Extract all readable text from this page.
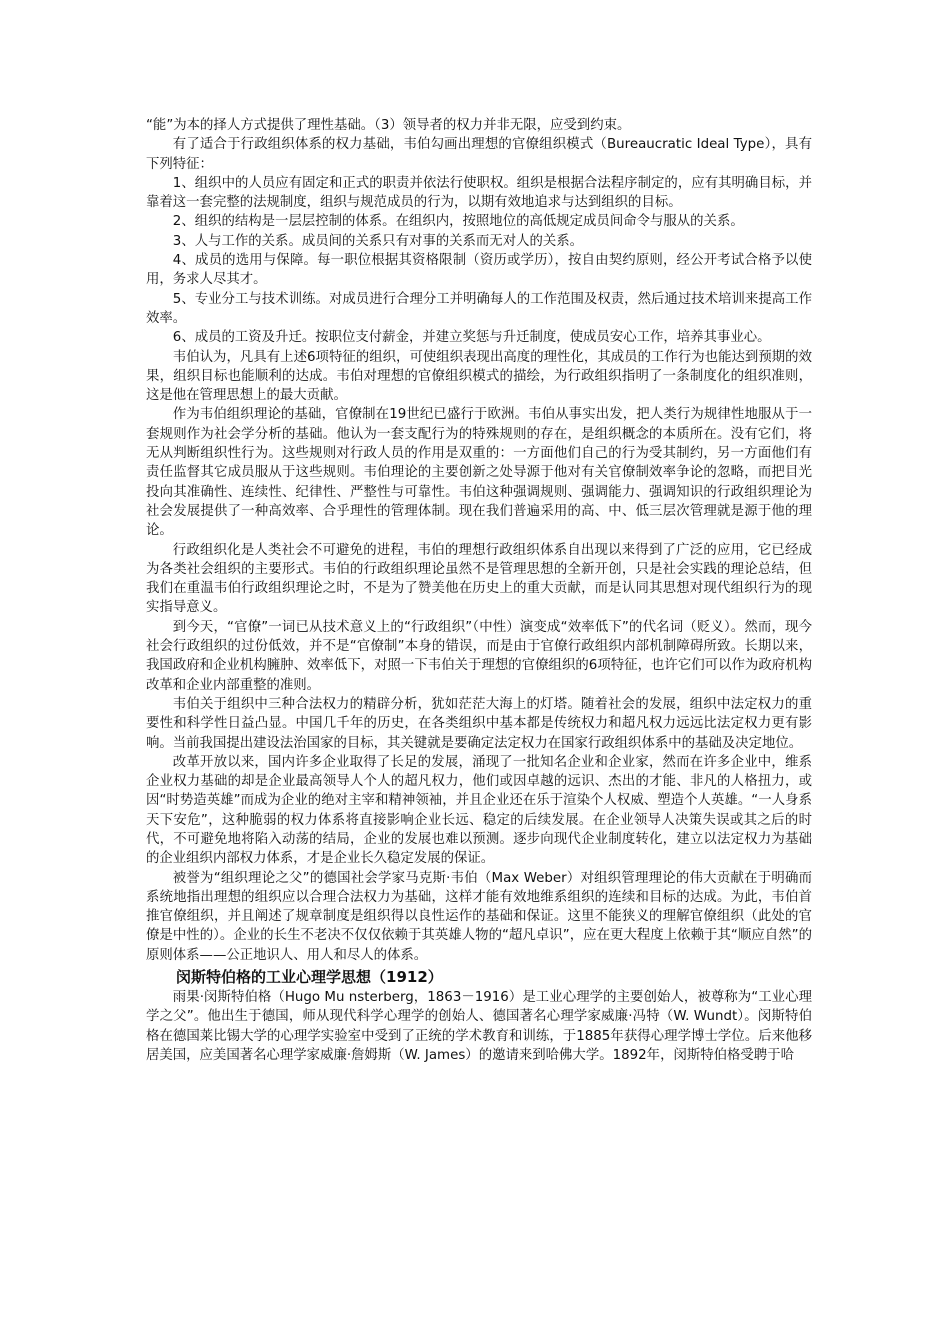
“能”为本的择人方式提供了理性基础。（3）领导者的权力并非无限，应受到约束。

有了适合于行政组织体系的权力基础，韦伯勾画出理想的官僚组织模式（Bureaucratic Ideal Type），具有下列特征：

1、组织中的人员应有固定和正式的职责并依法行使职权。组织是根据合法程序制定的，应有其明确目标，并靠着这一套完整的法规制度，组织与规范成员的行为，以期有效地追求与达到组织的目标。

2、组织的结构是一层层控制的体系。在组织内，按照地位的高低规定成员间命令与服从的关系。

3、人与工作的关系。成员间的关系只有对事的关系而无对人的关系。

4、成员的选用与保障。每一职位根据其资格限制（资历或学历），按自由契约原则，经公开考试合格予以使用，务求人尽其才。

5、专业分工与技术训练。对成员进行合理分工并明确每人的工作范围及权责，然后通过技术培训来提高工作效率。

6、成员的工资及升迁。按职位支付薪金，并建立奖惩与升迁制度，使成员安心工作，培养其事业心。

韦伯认为，凡具有上述6项特征的组织，可使组织表现出高度的理性化，其成员的工作行为也能达到预期的效果，组织目标也能顺利的达成。韦伯对理想的官僚组织模式的描绘，为行政组织指明了一条制度化的组织准则，这是他在管理思想上的最大贡献。

作为韦伯组织理论的基础，官僚制在19世纪已盛行于欧洲。韦伯从事实出发，把人类行为规律性地服从于一套规则作为社会学分析的基础。他认为一套支配行为的特殊规则的存在，是组织概念的本质所在。没有它们，将无从判断组织性行为。这些规则对行政人员的作用是双重的：一方面他们自己的行为受其制约，另一方面他们有责任监督其它成员服从于这些规则。韦伯理论的主要创新之处导源于他对有关官僚制效率争论的忽略，而把目光投向其准确性、连续性、纪律性、严整性与可靠性。韦伯这种强调规则、强调能力、强调知识的行政组织理论为社会发展提供了一种高效率、合乎理性的管理体制。现在我们普遍采用的高、中、低三层次管理就是源于他的理论。

行政组织化是人类社会不可避免的进程，韦伯的理想行政组织体系自出现以来得到了广泛的应用，它已经成为各类社会组织的主要形式。韦伯的行政组织理论虽然不是管理思想的全新开创，只是社会实践的理论总结，但我们在重温韦伯行政组织理论之时，不是为了赞美他在历史上的重大贡献，而是认同其思想对现代组织行为的现实指导意义。

到今天，“官僚”一词已从技术意义上的“行政组织”（中性）演变成“效率低下”的代名词（贬义）。然而，现今社会行政组织的过份低效，并不是“官僚制”本身的错误，而是由于官僚行政组织内部机制障碍所致。长期以来，我国政府和企业机构臃肿、效率低下，对照一下韦伯关于理想的官僚组织的6项特征，也许它们可以作为政府机构改革和企业内部重整的准则。

韦伯关于组织中三种合法权力的精辟分析，犹如茫茫大海上的灯塔。随着社会的发展，组织中法定权力的重要性和科学性日益凸显。中国几千年的历史，在各类组织中基本都是传统权力和超凡权力远远比法定权力更有影响。当前我国提出建设法治国家的目标，其关键就是要确定法定权力在国家行政组织体系中的基础及决定地位。

改革开放以来，国内许多企业取得了长足的发展，涌现了一批知名企业和企业家，然而在许多企业中，维系企业权力基础的却是企业最高领导人个人的超凡权力，他们或因卓越的远识、杰出的才能、非凡的人格扭力，或因“时势造英雄”而成为企业的绝对主宰和精神领袖，并且企业还在乐于渲染个人权威、塑造个人英雄。“一人身系天下安危”，这种脆弱的权力体系将直接影响企业长远、稳定的后续发展。在企业领导人决策失误或其之后的时代，不可避免地将陷入动荡的结局，企业的发展也难以预测。逐步向现代企业制度转化，建立以法定权力为基础的企业组织内部权力体系，才是企业长久稳定发展的保证。

被誉为“组织理论之父”的德国社会学家马克斯·韦伯（Max Weber）对组织管理理论的伟大贡献在于明确而系统地指出理想的组织应以合理合法权力为基础，这样才能有效地维系组织的连续和目标的达成。为此，韦伯首推官僚组织，并且阐述了规章制度是组织得以良性运作的基础和保证。这里不能狭义的理解官僚组织（此处的官僚是中性的）。企业的长生不老决不仅仅依赖于其英雄人物的“超凡卓识”，应在更大程度上依赖于其“顺应自然”的原则体系——公正地识人、用人和尽人的体系。

闵斯特伯格的工业心理学思想（1912）

雨果·闵斯特伯格（Hugo Mu nsterberg，1863－1916）是工业心理学的主要创始人，被尊称为“工业心理学之父”。他出生于德国，师从现代科学心理学的创始人、德国著名心理学家威廉·冯特（W. Wundt）。闵斯特伯格在德国莱比锡大学的心理学实验室中受到了正统的学术教育和训练，于1885年获得心理学博士学位。后来他移居美国，应美国著名心理学家威廉·詹姆斯（W. James）的邀请来到哈佛大学。1892年，闵斯特伯格受聘于哈
